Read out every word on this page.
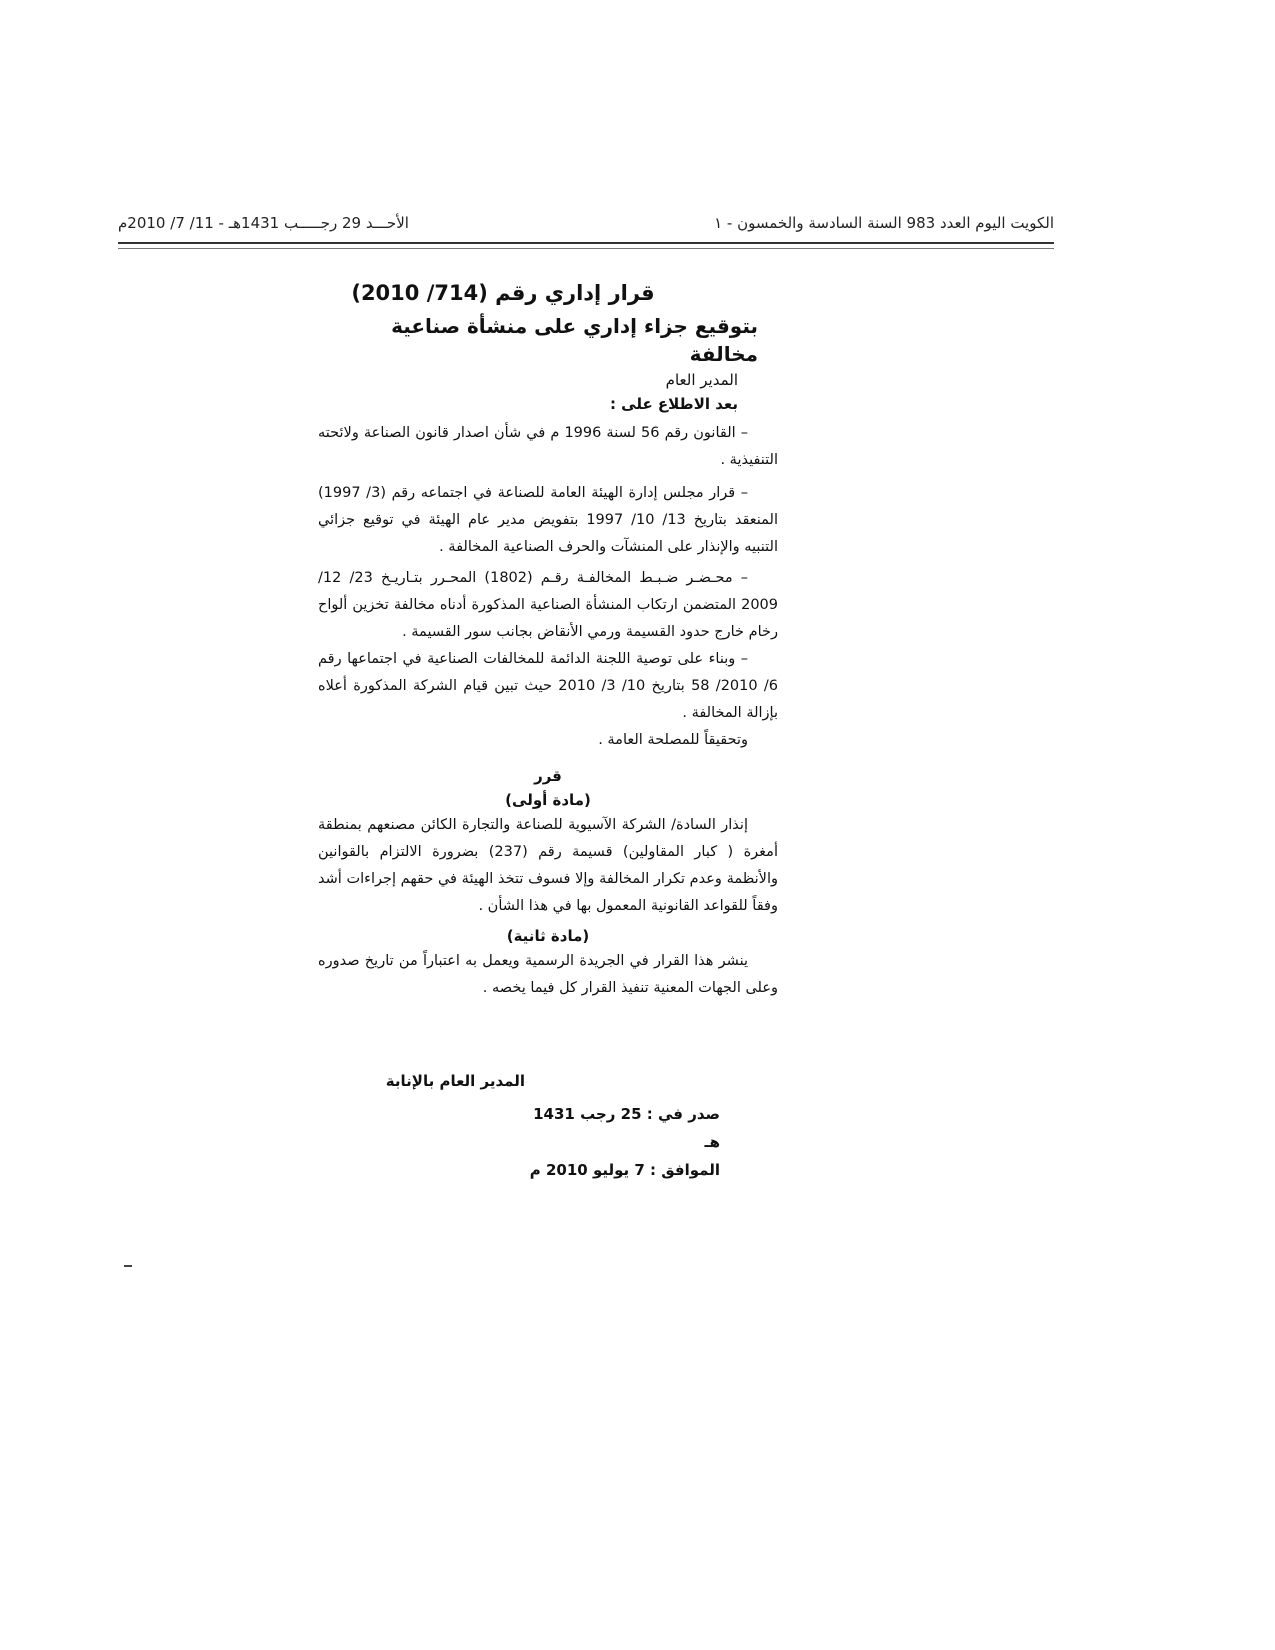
الكويت اليوم العدد 983 السنة السادسة والخمسون - ١
الأحـــد 29 رجـــــب 1431هـ - 11/ 7/ 2010م

قرار إداري رقم (714/ 2010)

بتوقيع جزاء إداري على منشأة صناعية مخالفة

المدير العام

بعد الاطلاع على :

– القانون رقم 56 لسنة 1996 م في شأن اصدار قانون الصناعة ولائحته التنفيذية .

– قرار مجلس إدارة الهيئة العامة للصناعة في اجتماعه رقم (3/ 1997) المنعقد بتاريخ 13/ 10/ 1997 بتفويض مدير عام الهيئة في توقيع جزائي التنبيه والإنذار على المنشآت والحرف الصناعية المخالفة .

– محـضـر ضـبـط المخالفـة رقـم (1802) المحـرر بتـاريـخ 23/ 12/ 2009 المتضمن ارتكاب المنشأة الصناعية المذكورة أدناه مخالفة تخزين ألواح رخام خارج حدود القسيمة ورمي الأنقاض بجانب سور القسيمة .

– وبناء على توصية اللجنة الدائمة للمخالفات الصناعية في اجتماعها رقم 6/ 2010/ 58 بتاريخ 10/ 3/ 2010 حيث تبين قيام الشركة المذكورة أعلاه بإزالة المخالفة .

وتحقيقاً للمصلحة العامة .

قرر

(مادة أولى)

إنذار السادة/ الشركة الآسيوية للصناعة والتجارة الكائن مصنعهم بمنطقة أمغرة ( كبار المقاولين) قسيمة رقم (237) بضرورة الالتزام بالقوانين والأنظمة وعدم تكرار المخالفة وإلا فسوف تتخذ الهيئة في حقهم إجراءات أشد وفقاً للقواعد القانونية المعمول بها في هذا الشأن .

(مادة ثانية)

ينشر هذا القرار في الجريدة الرسمية ويعمل به اعتباراً من تاريخ صدوره وعلى الجهات المعنية تنفيذ القرار كل فيما يخصه .

المدير العام بالإنابة
صدر في : 25 رجب 1431 هـ
الموافق : 7 يوليو 2010 م
